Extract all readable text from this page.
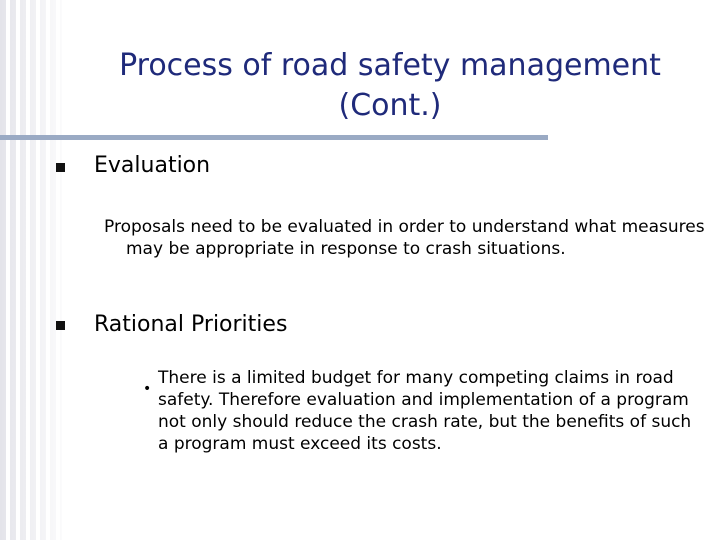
Process of road safety management (Cont.)
Evaluation
Proposals need to be evaluated in order to understand what measures may be appropriate in response to crash situations.
Rational Priorities
•
There is a limited budget for many competing claims in road safety. Therefore evaluation and implementation of a program not only should reduce the crash rate, but the benefits of such a program must exceed its costs.
